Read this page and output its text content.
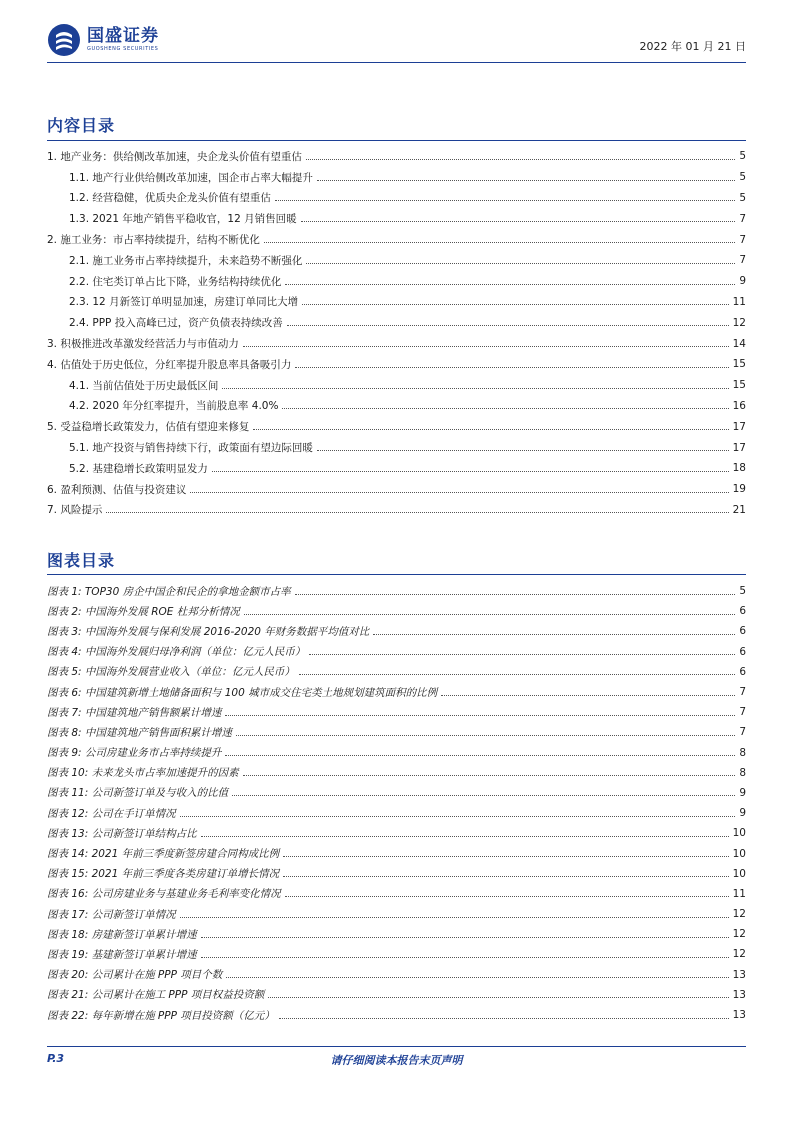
国盛证券
GUOSHENG SECURITIES	2022 年 01 月 21 日
内容目录
1. 地产业务：供给侧改革加速，央企龙头价值有望重估	5
1.1. 地产行业供给侧改革加速，国企市占率大幅提升	5
1.2. 经营稳健，优质央企龙头价值有望重估	5
1.3. 2021 年地产销售平稳收官，12 月销售回暖	7
2. 施工业务：市占率持续提升，结构不断优化	7
2.1. 施工业务市占率持续提升，未来趋势不断强化	7
2.2. 住宅类订单占比下降，业务结构持续优化	9
2.3. 12 月新签订单明显加速，房建订单同比大增	11
2.4. PPP 投入高峰已过，资产负债表持续改善	12
3. 积极推进改革激发经营活力与市值动力	14
4. 估值处于历史低位，分红率提升股息率具备吸引力	15
4.1. 当前估值处于历史最低区间	15
4.2. 2020 年分红率提升，当前股息率 4.0%	16
5. 受益稳增长政策发力，估值有望迎来修复	17
5.1. 地产投资与销售持续下行，政策面有望边际回暖	17
5.2. 基建稳增长政策明显发力	18
6. 盈利预测、估值与投资建议	19
7. 风险提示	21
图表目录
图表 1: TOP30 房企中国企和民企的拿地金额市占率	5
图表 2: 中国海外发展 ROE 杜邦分析情况	6
图表 3: 中国海外发展与保利发展 2016-2020 年财务数据平均值对比	6
图表 4: 中国海外发展归母净利润（单位：亿元人民币）	6
图表 5: 中国海外发展营业收入（单位：亿元人民币）	6
图表 6: 中国建筑新增土地储备面积与 100 城市成交住宅类土地规划建筑面积的比例	7
图表 7: 中国建筑地产销售额累计增速	7
图表 8: 中国建筑地产销售面积累计增速	7
图表 9: 公司房建业务市占率持续提升	8
图表 10: 未来龙头市占率加速提升的因素	8
图表 11: 公司新签订单及与收入的比值	9
图表 12: 公司在手订单情况	9
图表 13: 公司新签订单结构占比	10
图表 14: 2021 年前三季度新签房建合同构成比例	10
图表 15: 2021 年前三季度各类房建订单增长情况	10
图表 16: 公司房建业务与基建业务毛利率变化情况	11
图表 17: 公司新签订单情况	12
图表 18: 房建新签订单累计增速	12
图表 19: 基建新签订单累计增速	12
图表 20: 公司累计在施 PPP 项目个数	13
图表 21: 公司累计在施工 PPP 项目权益投资额	13
图表 22: 每年新增在施 PPP 项目投资额（亿元）	13
P.3	请仔细阅读本报告末页声明
